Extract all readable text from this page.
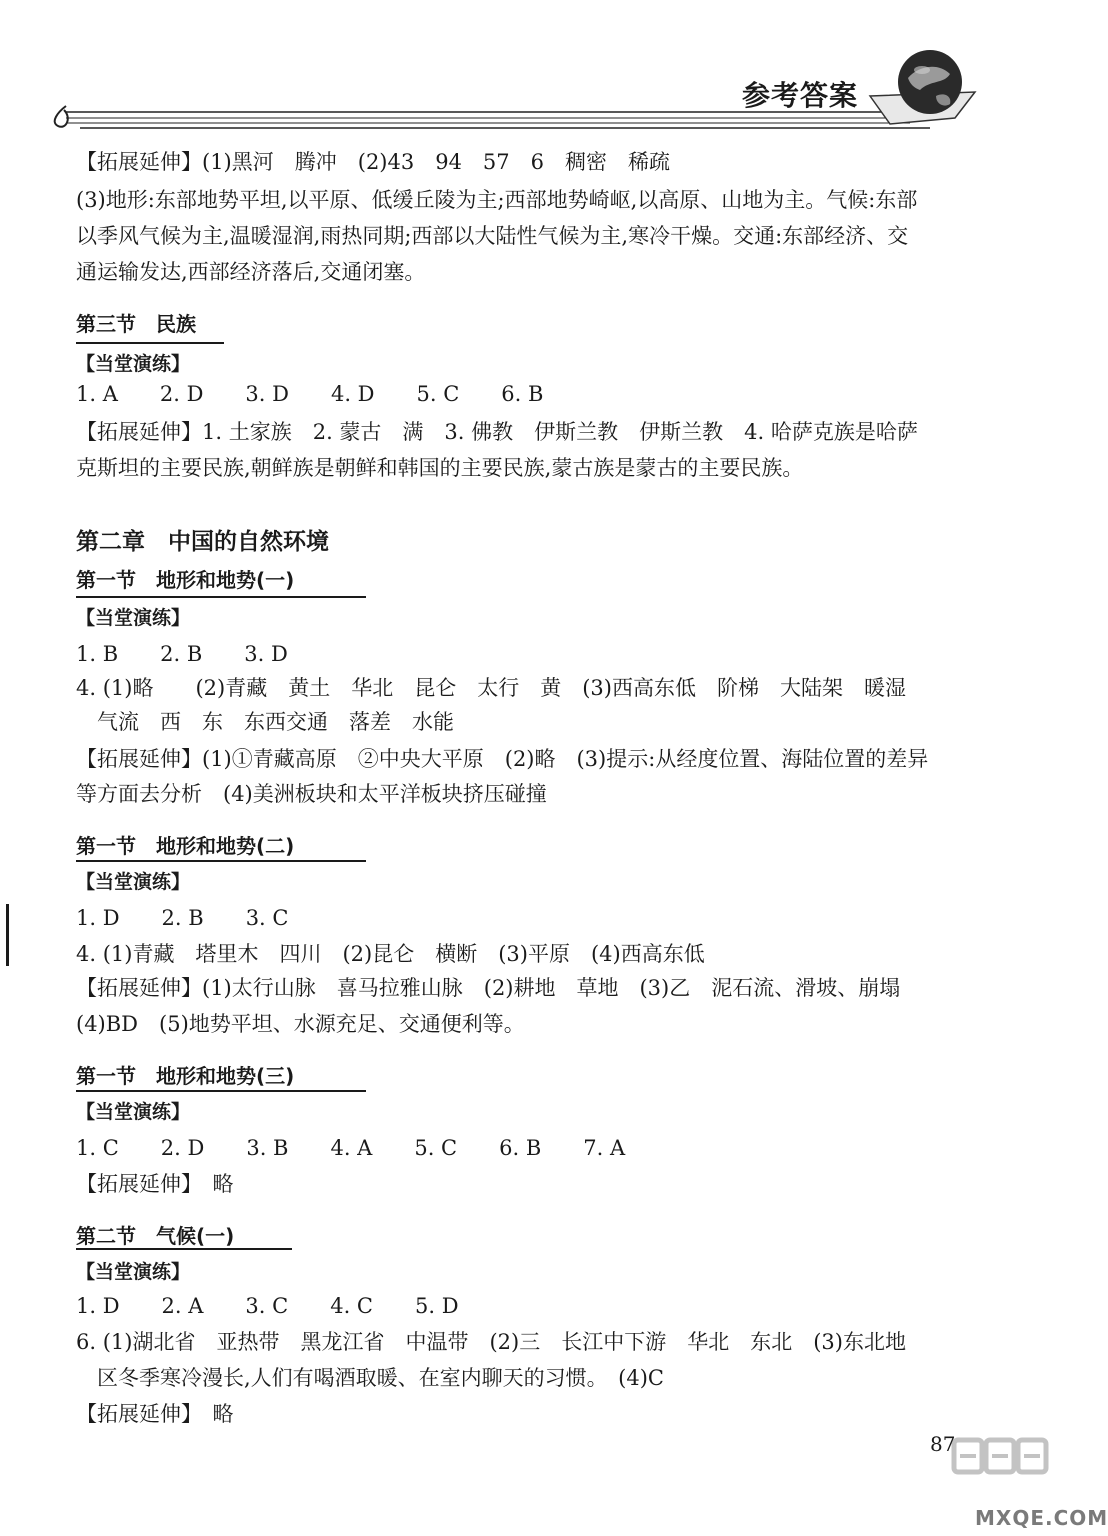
参考答案
【拓展延伸】(1)黑河　腾冲　(2)43　94　57　6　稠密　稀疏
(3)地形:东部地势平坦,以平原、低缓丘陵为主;西部地势崎岖,以高原、山地为主。气候:东部
以季风气候为主,温暖湿润,雨热同期;西部以大陆性气候为主,寒冷干燥。交通:东部经济、交
通运输发达,西部经济落后,交通闭塞。
第三节　民族
【当堂演练】
1. A　　2. D　　3. D　　4. D　　5. C　　6. B
【拓展延伸】1. 土家族　2. 蒙古　满　3. 佛教　伊斯兰教　伊斯兰教　4. 哈萨克族是哈萨
克斯坦的主要民族,朝鲜族是朝鲜和韩国的主要民族,蒙古族是蒙古的主要民族。
第二章　中国的自然环境
第一节　地形和地势(一)
【当堂演练】
1. B　　2. B　　3. D
4. (1)略　　(2)青藏　黄土　华北　昆仑　太行　黄　(3)西高东低　阶梯　大陆架　暖湿
　气流　西　东　东西交通　落差　水能
【拓展延伸】(1)①青藏高原　②中央大平原　(2)略　(3)提示:从经度位置、海陆位置的差异
等方面去分析　(4)美洲板块和太平洋板块挤压碰撞
第一节　地形和地势(二)
【当堂演练】
1. D　　2. B　　3. C
4. (1)青藏　塔里木　四川　(2)昆仑　横断　(3)平原　(4)西高东低
【拓展延伸】(1)太行山脉　喜马拉雅山脉　(2)耕地　草地　(3)乙　泥石流、滑坡、崩塌
(4)BD　(5)地势平坦、水源充足、交通便利等。
第一节　地形和地势(三)
【当堂演练】
1. C　　2. D　　3. B　　4. A　　5. C　　6. B　　7. A
【拓展延伸】　略
第二节　气候(一)
【当堂演练】
1. D　　2. A　　3. C　　4. C　　5. D
6. (1)湖北省　亚热带　黑龙江省　中温带　(2)三　长江中下游　华北　东北　(3)东北地
　区冬季寒冷漫长,人们有喝酒取暖、在室内聊天的习惯。　(4)C
【拓展延伸】　略
87
MXQE.COM
